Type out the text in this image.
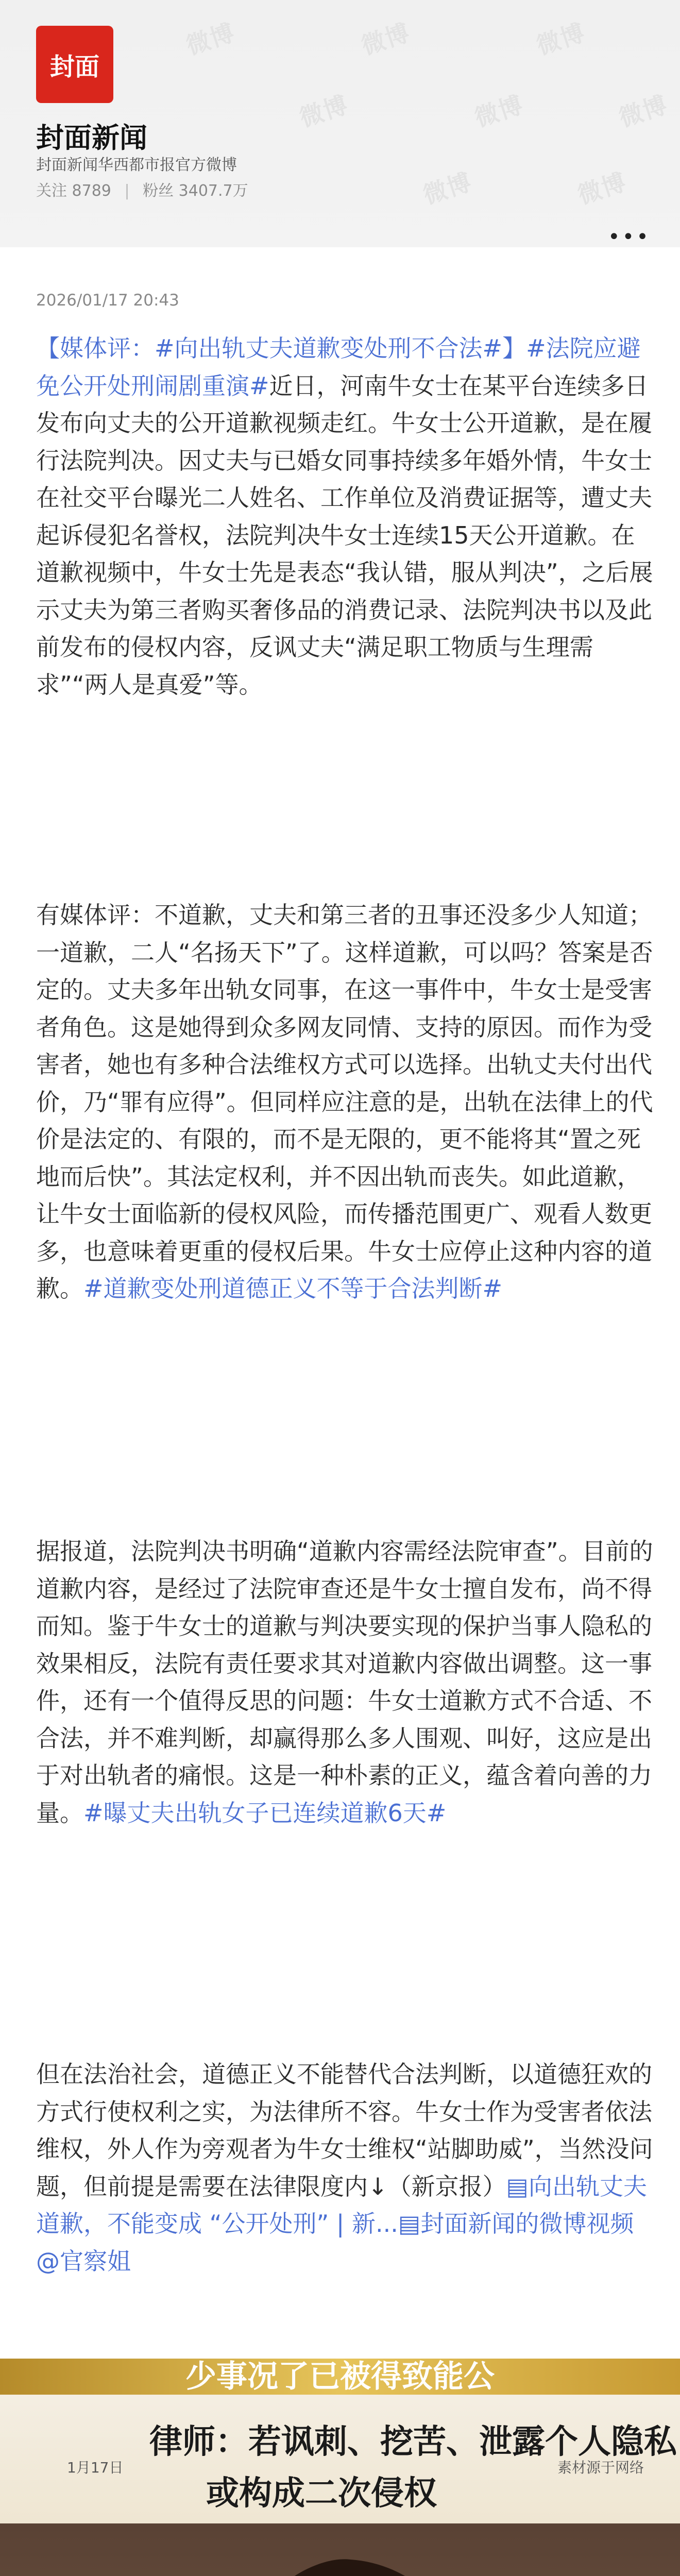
微博	微博	微博
微博	微博	微博
微博	微博
封面
封面新闻
封面新闻华西都市报官方微博
关注 8789 | 粉丝 3407.7万
•••
2026/01/17 20:43

【媒体评：#向出轨丈夫道歉变处刑不合法#】#法院应避免公开处刑闹剧重演#近日，河南牛女士在某平台连续多日发布向丈夫的公开道歉视频走红。牛女士公开道歉，是在履行法院判决。因丈夫与已婚女同事持续多年婚外情，牛女士在社交平台曝光二人姓名、工作单位及消费证据等，遭丈夫起诉侵犯名誉权，法院判决牛女士连续15天公开道歉。在道歉视频中，牛女士先是表态“我认错，服从判决”，之后展示丈夫为第三者购买奢侈品的消费记录、法院判决书以及此前发布的侵权内容，反讽丈夫“满足职工物质与生理需求”“两人是真爱”等。

有媒体评：不道歉，丈夫和第三者的丑事还没多少人知道；一道歉，二人“名扬天下”了。这样道歉，可以吗？答案是否定的。丈夫多年出轨女同事，在这一事件中，牛女士是受害者角色。这是她得到众多网友同情、支持的原因。而作为受害者，她也有多种合法维权方式可以选择。出轨丈夫付出代价，乃“罪有应得”。但同样应注意的是，出轨在法律上的代价是法定的、有限的，而不是无限的，更不能将其“置之死地而后快”。其法定权利，并不因出轨而丧失。如此道歉，让牛女士面临新的侵权风险，而传播范围更广、观看人数更多，也意味着更重的侵权后果。牛女士应停止这种内容的道歉。#道歉变处刑道德正义不等于合法判断#

据报道，法院判决书明确“道歉内容需经法院审查”。目前的道歉内容，是经过了法院审查还是牛女士擅自发布，尚不得而知。鉴于牛女士的道歉与判决要实现的保护当事人隐私的效果相反，法院有责任要求其对道歉内容做出调整。这一事件，还有一个值得反思的问题：牛女士道歉方式不合适、不合法，并不难判断，却赢得那么多人围观、叫好，这应是出于对出轨者的痛恨。这是一种朴素的正义，蕴含着向善的力量。#曝丈夫出轨女子已连续道歉6天#

但在法治社会，道德正义不能替代合法判断，以道德狂欢的方式行使权利之实，为法律所不容。牛女士作为受害者依法维权，外人作为旁观者为牛女士维权“站脚助威”，当然没问题，但前提是需要在法律限度内↓（新京报）▤向出轨丈夫道歉，不能变成 “公开处刑” | 新...▤封面新闻的微博视频 @官察姐

少事况了已被得致能公
律师：若讽刺、挖苦、泄露个人隐私
1月17日	素材源于网络
或构成二次侵权
